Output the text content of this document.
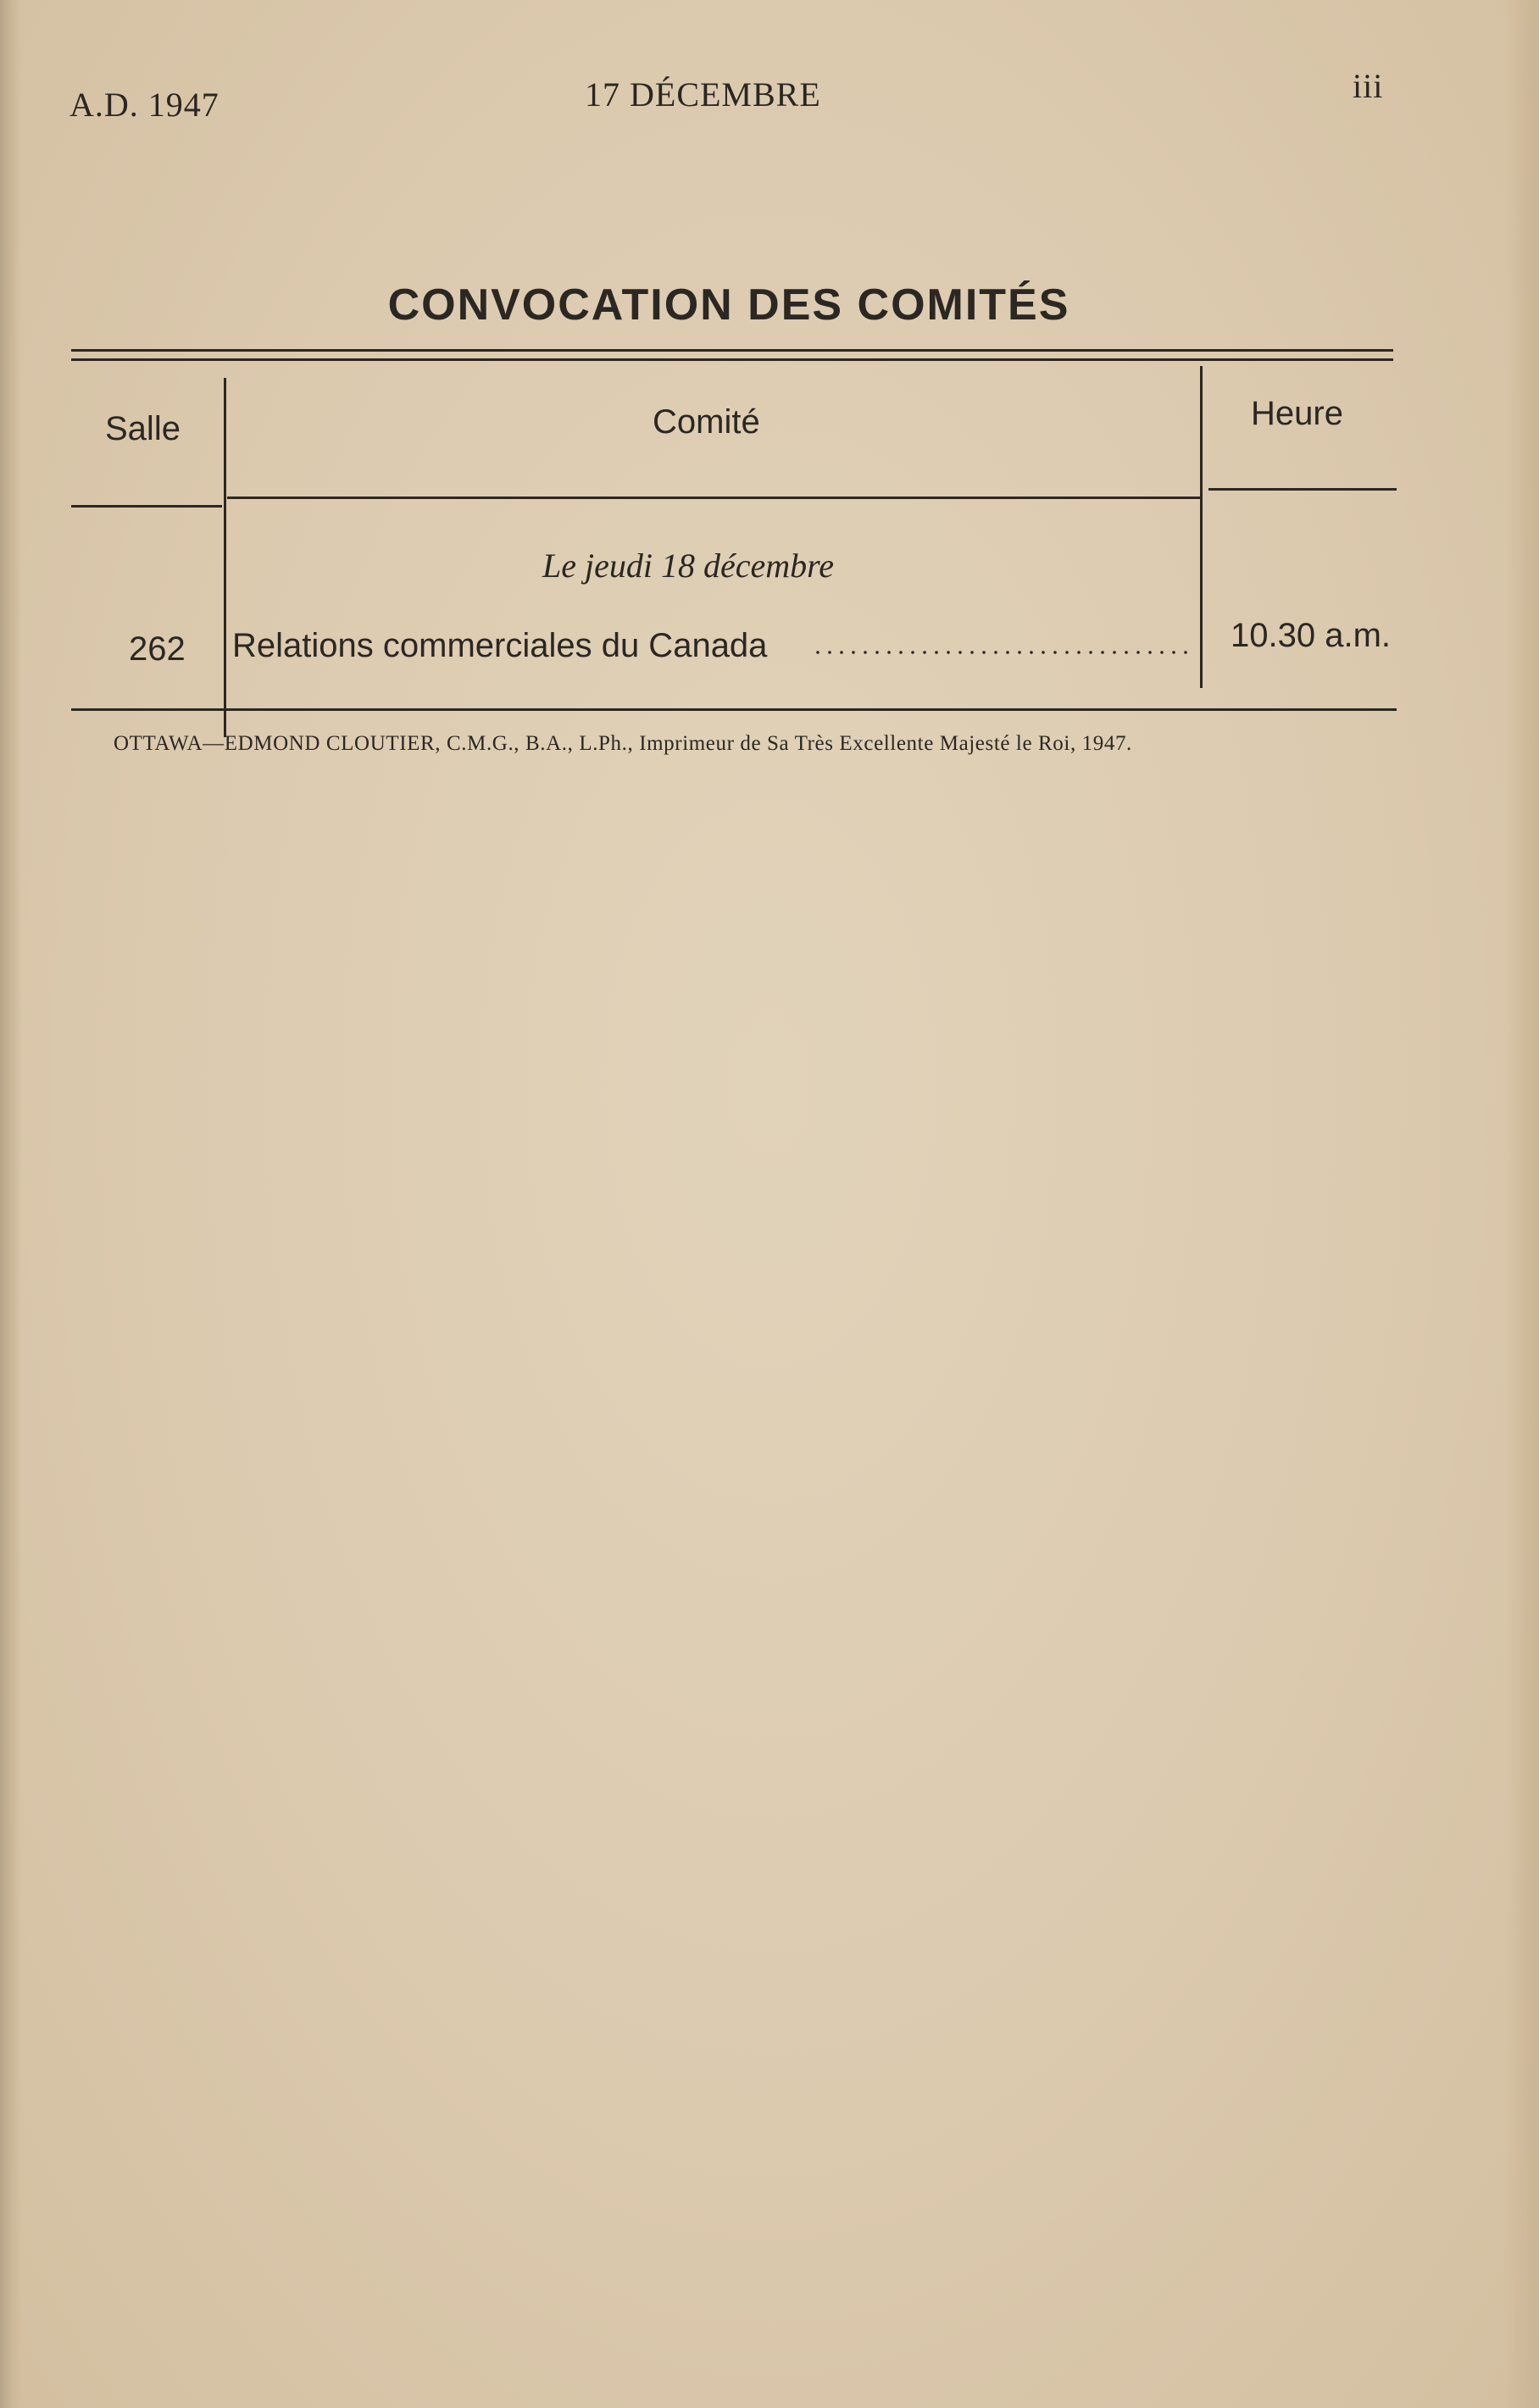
A.D. 1947	17 DÉCEMBRE	iii
CONVOCATION DES COMITÉS
Salle	Comité	Heure
Le jeudi 18 décembre
262 Relations commerciales du Canada	10.30 a.m.
OTTAWA—EDMOND CLOUTIER, C.M.G., B.A., L.Ph., Imprimeur de Sa Très Excellente Majesté le Roi, 1947.
